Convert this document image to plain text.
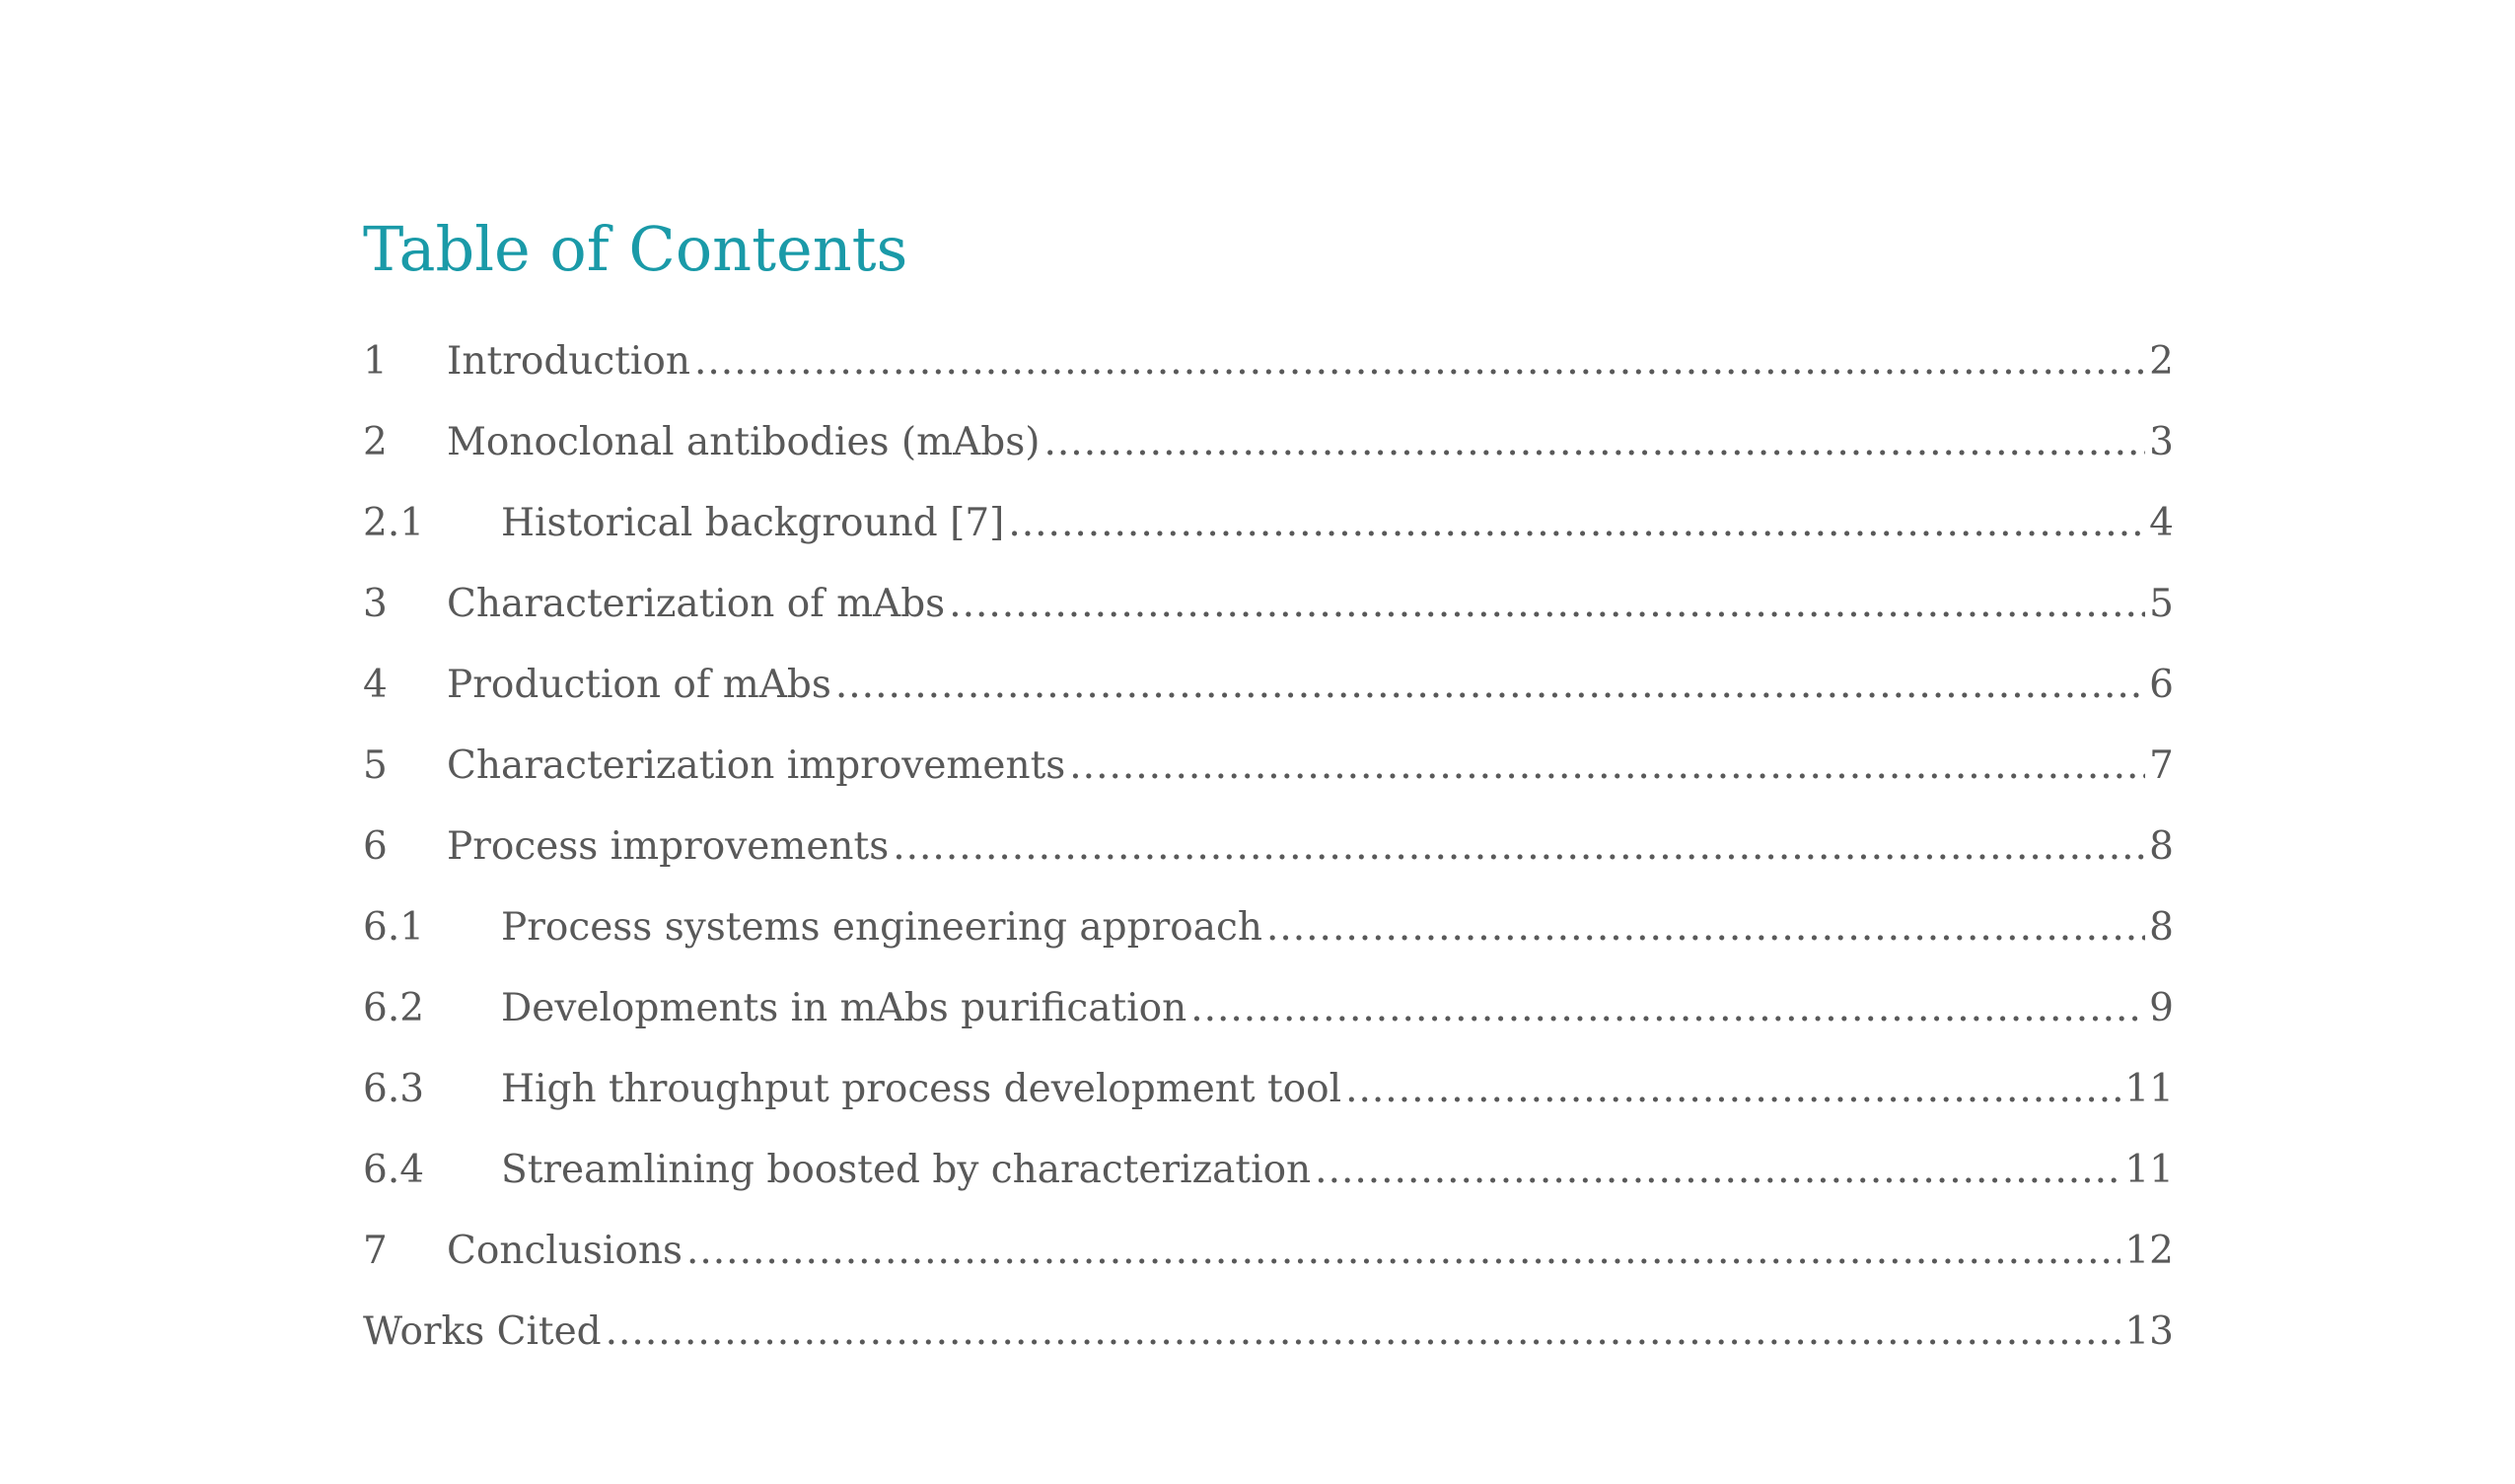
Table of Contents
1	Introduction .....	2
2	Monoclonal antibodies (mAbs) .....	3
2.1	Historical background [7] .....	4
3	Characterization of mAbs .....	5
4	Production of mAbs .....	6
5	Characterization improvements .....	7
6	Process improvements .....	8
6.1	Process systems engineering approach .....	8
6.2	Developments in mAbs purification .....	9
6.3	High throughput process development tool .....	11
6.4	Streamlining boosted by characterization .....	11
7	Conclusions .....	12
Works Cited .....	13
